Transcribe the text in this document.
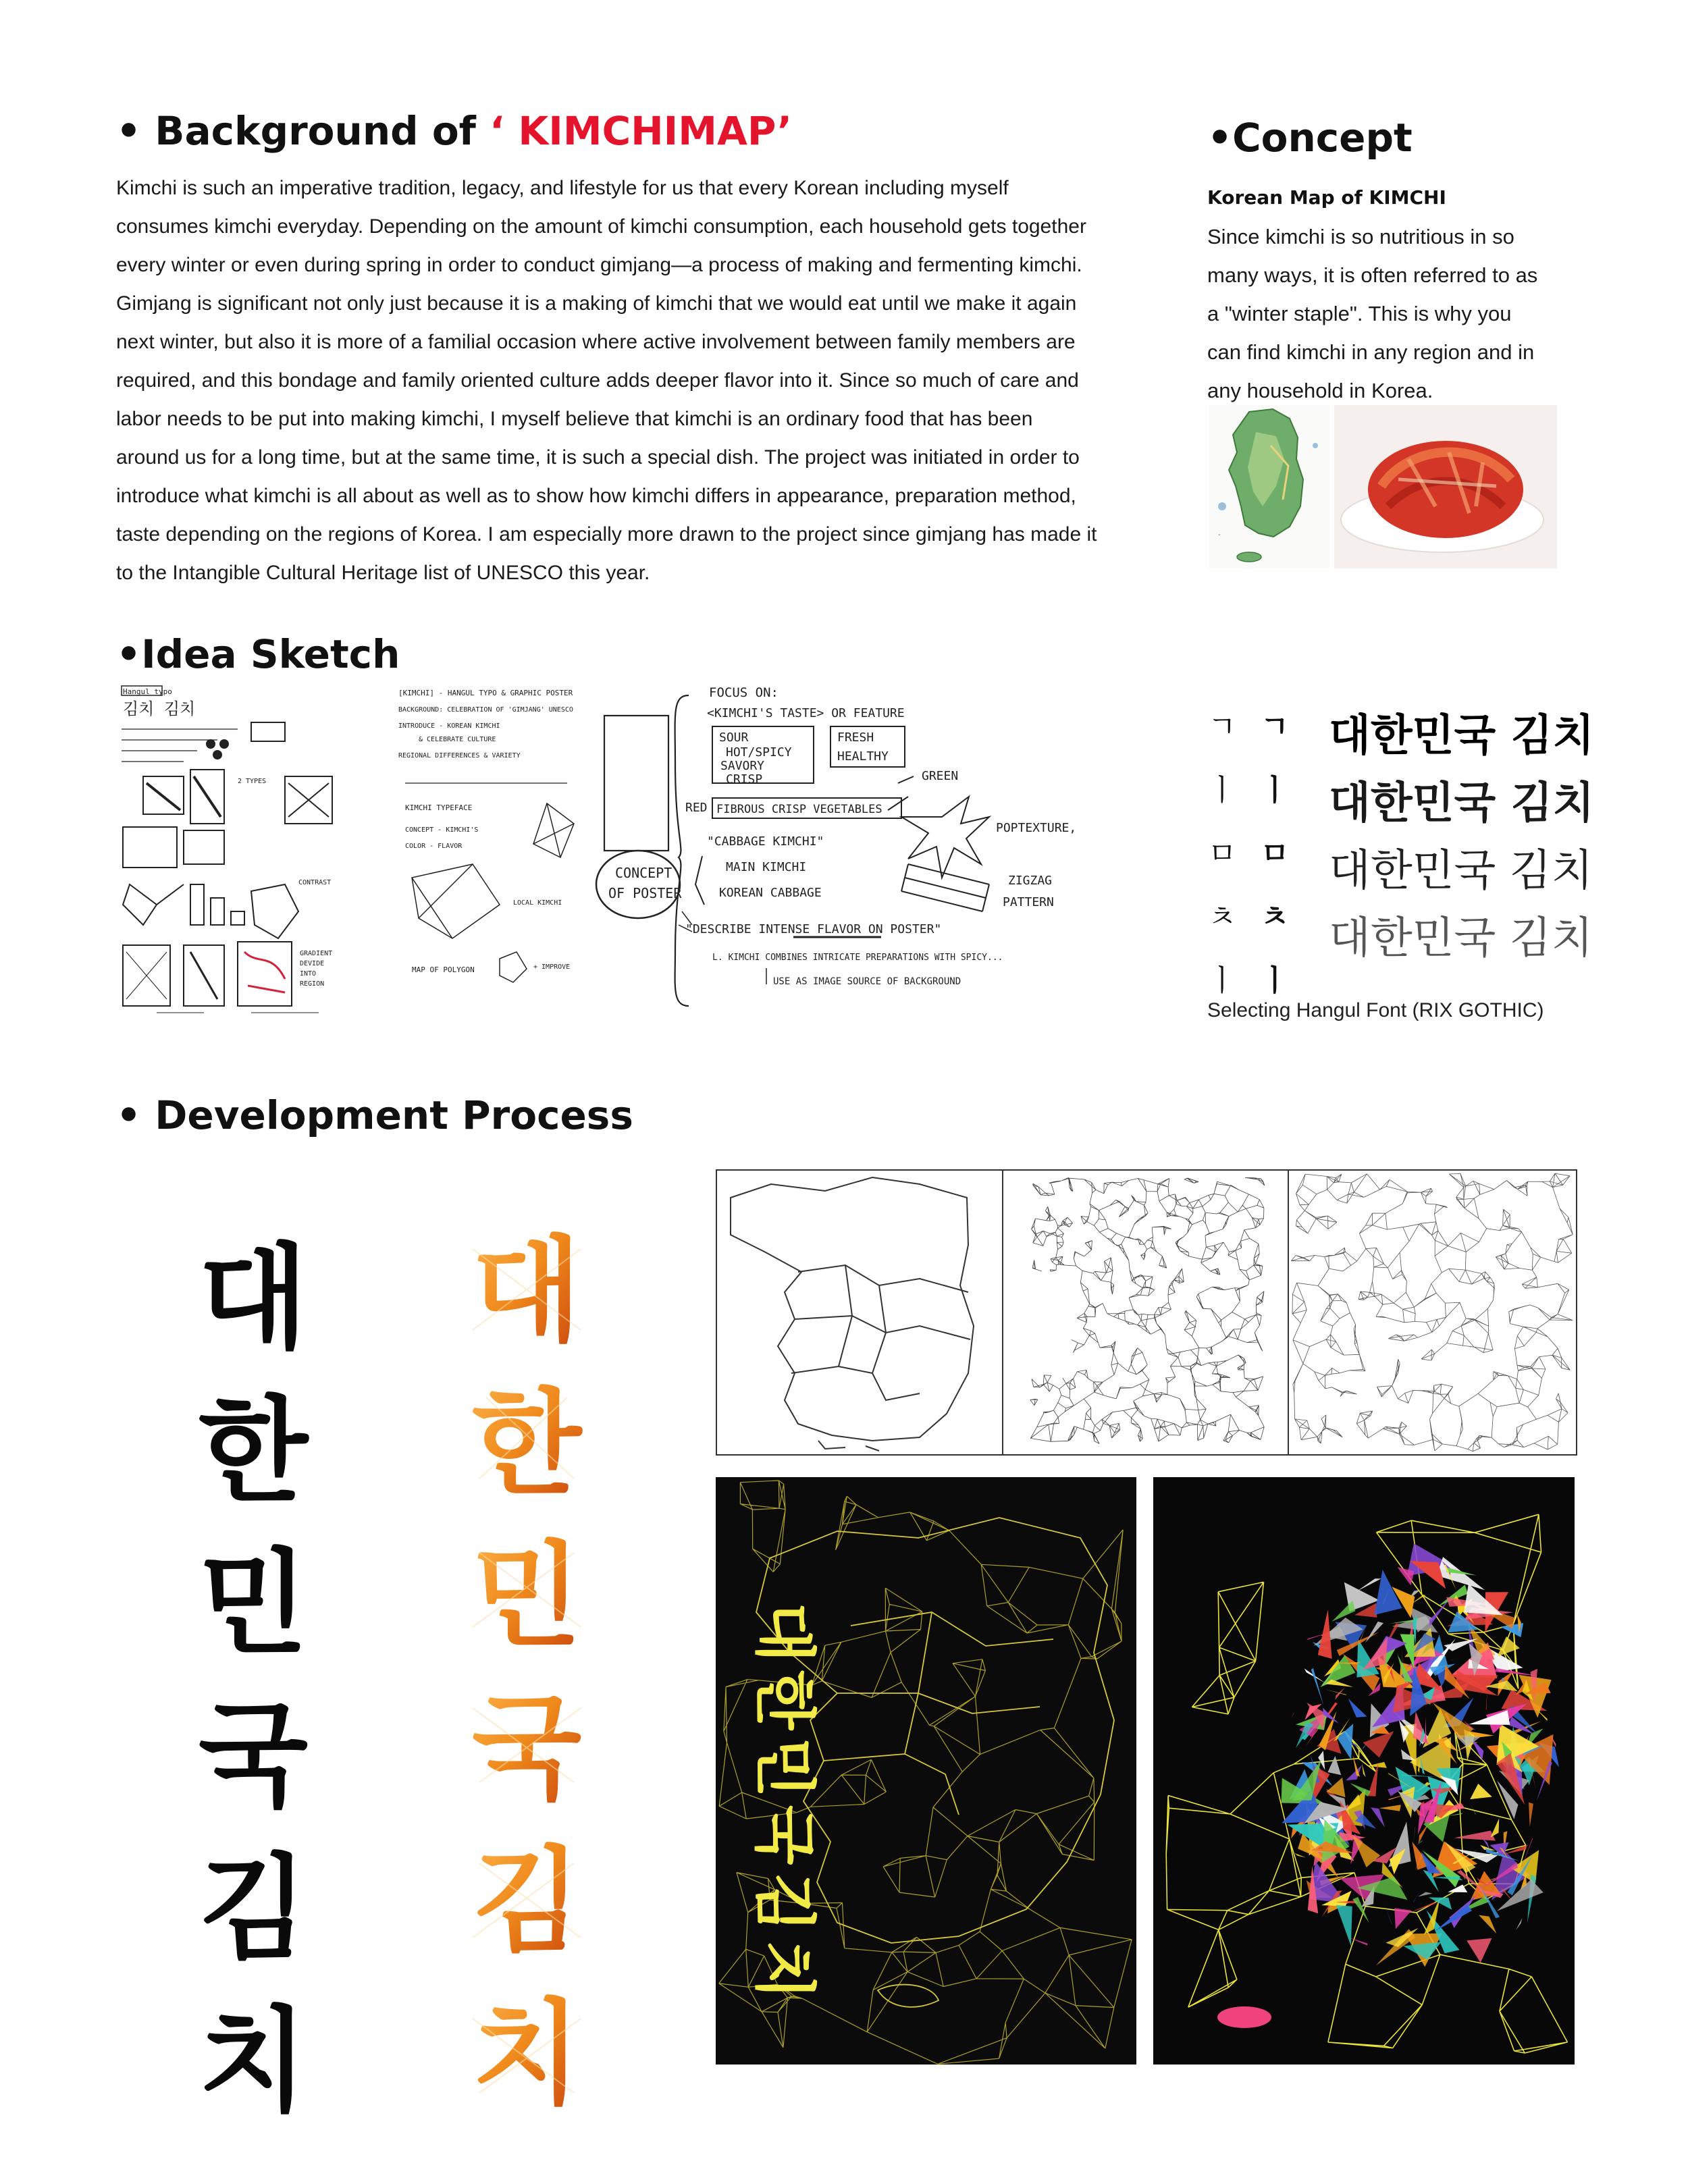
• Background of ‘ KIMCHIMAP’
Kimchi is such an imperative tradition, legacy, and lifestyle for us that every Korean including myself
consumes kimchi everyday. Depending on the amount of kimchi consumption, each household gets together
every winter or even during spring in order to conduct gimjang—a process of making and fermenting kimchi.
Gimjang is significant not only just because it is a making of kimchi that we would eat until we make it again
next winter, but also it is more of a familial occasion where active involvement between family members are
required, and this bondage and family oriented culture adds deeper flavor into it. Since so much of care and
labor needs to be put into making kimchi, I myself believe that kimchi is an ordinary food that has been
around us for a long time, but at the same time, it is such a special dish. The project was initiated in order to
introduce what kimchi is all about as well as to show how kimchi differs in appearance, preparation method,
taste depending on the regions of Korea. I am especially more drawn to the project since gimjang has made it
to the Intangible Cultural Heritage list of UNESCO this year.
•Concept
Korean Map of KIMCHI
Since kimchi is so nutritious in so
many ways, it is often referred to as
a "winter staple". This is why you
can find kimchi in any region and in
any household in Korea.
-
•Idea Sketch
Hangul typo
김치 김치
2 TYPES
CONTRAST
GRADIENT
DEVIDE
INTO
REGION
[KIMCHI] - HANGUL TYPO & GRAPHIC POSTER
BACKGROUND: CELEBRATION OF 'GIMJANG' UNESCO
INTRODUCE - KOREAN KIMCHI
& CELEBRATE CULTURE
REGIONAL DIFFERENCES & VARIETY
KIMCHI TYPEFACE
CONCEPT - KIMCHI'S
COLOR - FLAVOR
LOCAL KIMCHI
MAP OF POLYGON	+ IMPROVE
CONCEPT
OF POSTER
FOCUS ON:
<KIMCHI'S TASTE> OR FEATURE
SOUR
HOT/SPICY
SAVORY
CRISP
FRESH
HEALTHY
GREEN
RED FIBROUS CRISP VEGETABLES
"CABBAGE KIMCHI"
MAIN KIMCHI
KOREAN CABBAGE
POPTEXTURE,
ZIGZAG
PATTERN
"DESCRIBE INTENSE FLAVOR ON POSTER"
L. KIMCHI COMBINES INTRICATE PREPARATIONS WITH SPICY...
USE AS IMAGE SOURCE OF BACKGROUND
ㄱ
ㅣ
ㅁ
ㅊ
ㅣ
ㄱ
ㅣ
ㅁ
ㅊ
ㅣ
대한민국 김치
대한민국 김치
대한민국 김치
대한민국 김치
Selecting Hangul Font (RIX GOTHIC)
• Development Process
대
한
민
국
김
치
대
한
민
국
김
치
대
한
민
국
김
치
